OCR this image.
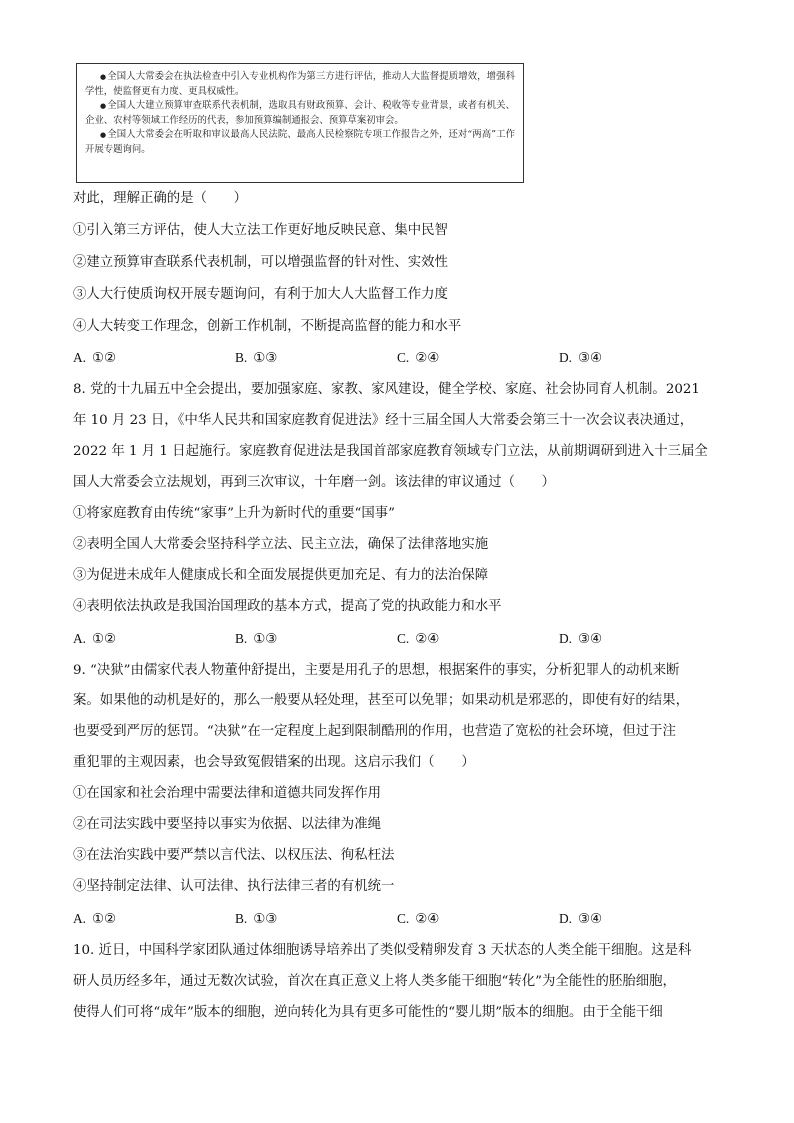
●全国人大常委会在执法检查中引入专业机构作为第三方进行评估，推动人大监督提质增效，增强科学性，使监督更有力度、更具权威性。

●全国人大建立预算审查联系代表机制，选取具有财政预算、会计、税收等专业背景，或者有机关、企业、农村等领域工作经历的代表，参加预算编制通报会、预算草案初审会。

●全国人大常委会在听取和审议最高人民法院、最高人民检察院专项工作报告之外，还对“两高”工作开展专题询问。

对此，理解正确的是（　　）
①引入第三方评估，使人大立法工作更好地反映民意、集中民智
②建立预算审查联系代表机制，可以增强监督的针对性、实效性
③人大行使质询权开展专题询问，有利于加大人大监督工作力度
④人大转变工作理念，创新工作机制，不断提高监督的能力和水平
A. ①②	B. ①③	C. ②④	D. ③④
8. 党的十九届五中全会提出，要加强家庭、家教、家风建设，健全学校、家庭、社会协同育人机制。2021
年 10 月 23 日，《中华人民共和国家庭教育促进法》经十三届全国人大常委会第三十一次会议表决通过，
2022 年 1 月 1 日起施行。家庭教育促进法是我国首部家庭教育领域专门立法，从前期调研到进入十三届全
国人大常委会立法规划，再到三次审议，十年磨一剑。该法律的审议通过（　　）
①将家庭教育由传统“家事”上升为新时代的重要“国事”
②表明全国人大常委会坚持科学立法、民主立法，确保了法律落地实施
③为促进未成年人健康成长和全面发展提供更加充足、有力的法治保障
④表明依法执政是我国治国理政的基本方式，提高了党的执政能力和水平
A. ①②	B. ①③	C. ②④	D. ③④
9. “决狱”由儒家代表人物董仲舒提出，主要是用孔子的思想，根据案件的事实，分析犯罪人的动机来断
案。如果他的动机是好的，那么一般要从轻处理，甚至可以免罪；如果动机是邪恶的，即使有好的结果，
也要受到严厉的惩罚。“决狱”在一定程度上起到限制酷刑的作用，也营造了宽松的社会环境，但过于注
重犯罪的主观因素，也会导致冤假错案的出现。这启示我们（　　）
①在国家和社会治理中需要法律和道德共同发挥作用
②在司法实践中要坚持以事实为依据、以法律为准绳
③在法治实践中要严禁以言代法、以权压法、徇私枉法
④坚持制定法律、认可法律、执行法律三者的有机统一
A. ①②	B. ①③	C. ②④	D. ③④
10. 近日，中国科学家团队通过体细胞诱导培养出了类似受精卵发育 3 天状态的人类全能干细胞。这是科
研人员历经多年，通过无数次试验，首次在真正意义上将人类多能干细胞“转化”为全能性的胚胎细胞，
使得人们可将“成年”版本的细胞，逆向转化为具有更多可能性的“婴儿期”版本的细胞。由于全能干细
